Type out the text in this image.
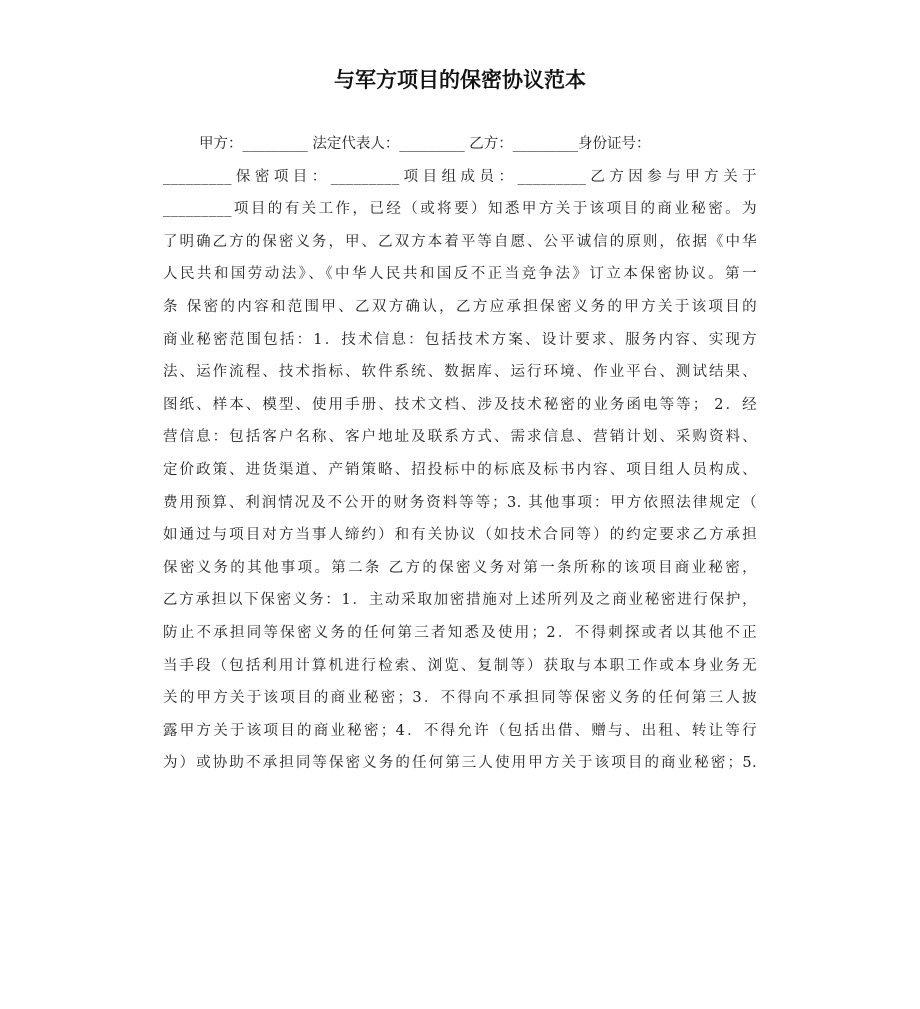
与军方项目的保密协议范本
甲方：_________ 法定代表人：_________ 乙方：_________身份证号：
_________保密项目：_________项目组成员：_________乙方因参与甲方关于
_________项目的有关工作，已经（或将要）知悉甲方关于该项目的商业秘密。为
了明确乙方的保密义务，甲、乙双方本着平等自愿、公平诚信的原则，依据《中华
人民共和国劳动法》、《中华人民共和国反不正当竞争法》订立本保密协议。第一
条 保密的内容和范围甲、乙双方确认，乙方应承担保密义务的甲方关于该项目的
商业秘密范围包括：1．技术信息：包括技术方案、设计要求、服务内容、实现方
法、运作流程、技术指标、软件系统、数据库、运行环境、作业平台、测试结果、
图纸、样本、模型、使用手册、技术文档、涉及技术秘密的业务函电等等； 2．经
营信息：包括客户名称、客户地址及联系方式、需求信息、营销计划、采购资料、
定价政策、进货渠道、产销策略、招投标中的标底及标书内容、项目组人员构成、
费用预算、利润情况及不公开的财务资料等等；3. 其他事项：甲方依照法律规定（
如通过与项目对方当事人缔约）和有关协议（如技术合同等）的约定要求乙方承担
保密义务的其他事项。第二条 乙方的保密义务对第一条所称的该项目商业秘密，
乙方承担以下保密义务：1．主动采取加密措施对上述所列及之商业秘密进行保护，
防止不承担同等保密义务的任何第三者知悉及使用；2．不得刺探或者以其他不正
当手段（包括利用计算机进行检索、浏览、复制等）获取与本职工作或本身业务无
关的甲方关于该项目的商业秘密；3．不得向不承担同等保密义务的任何第三人披
露甲方关于该项目的商业秘密；4．不得允许（包括出借、赠与、出租、转让等行
为）或协助不承担同等保密义务的任何第三人使用甲方关于该项目的商业秘密；5.
